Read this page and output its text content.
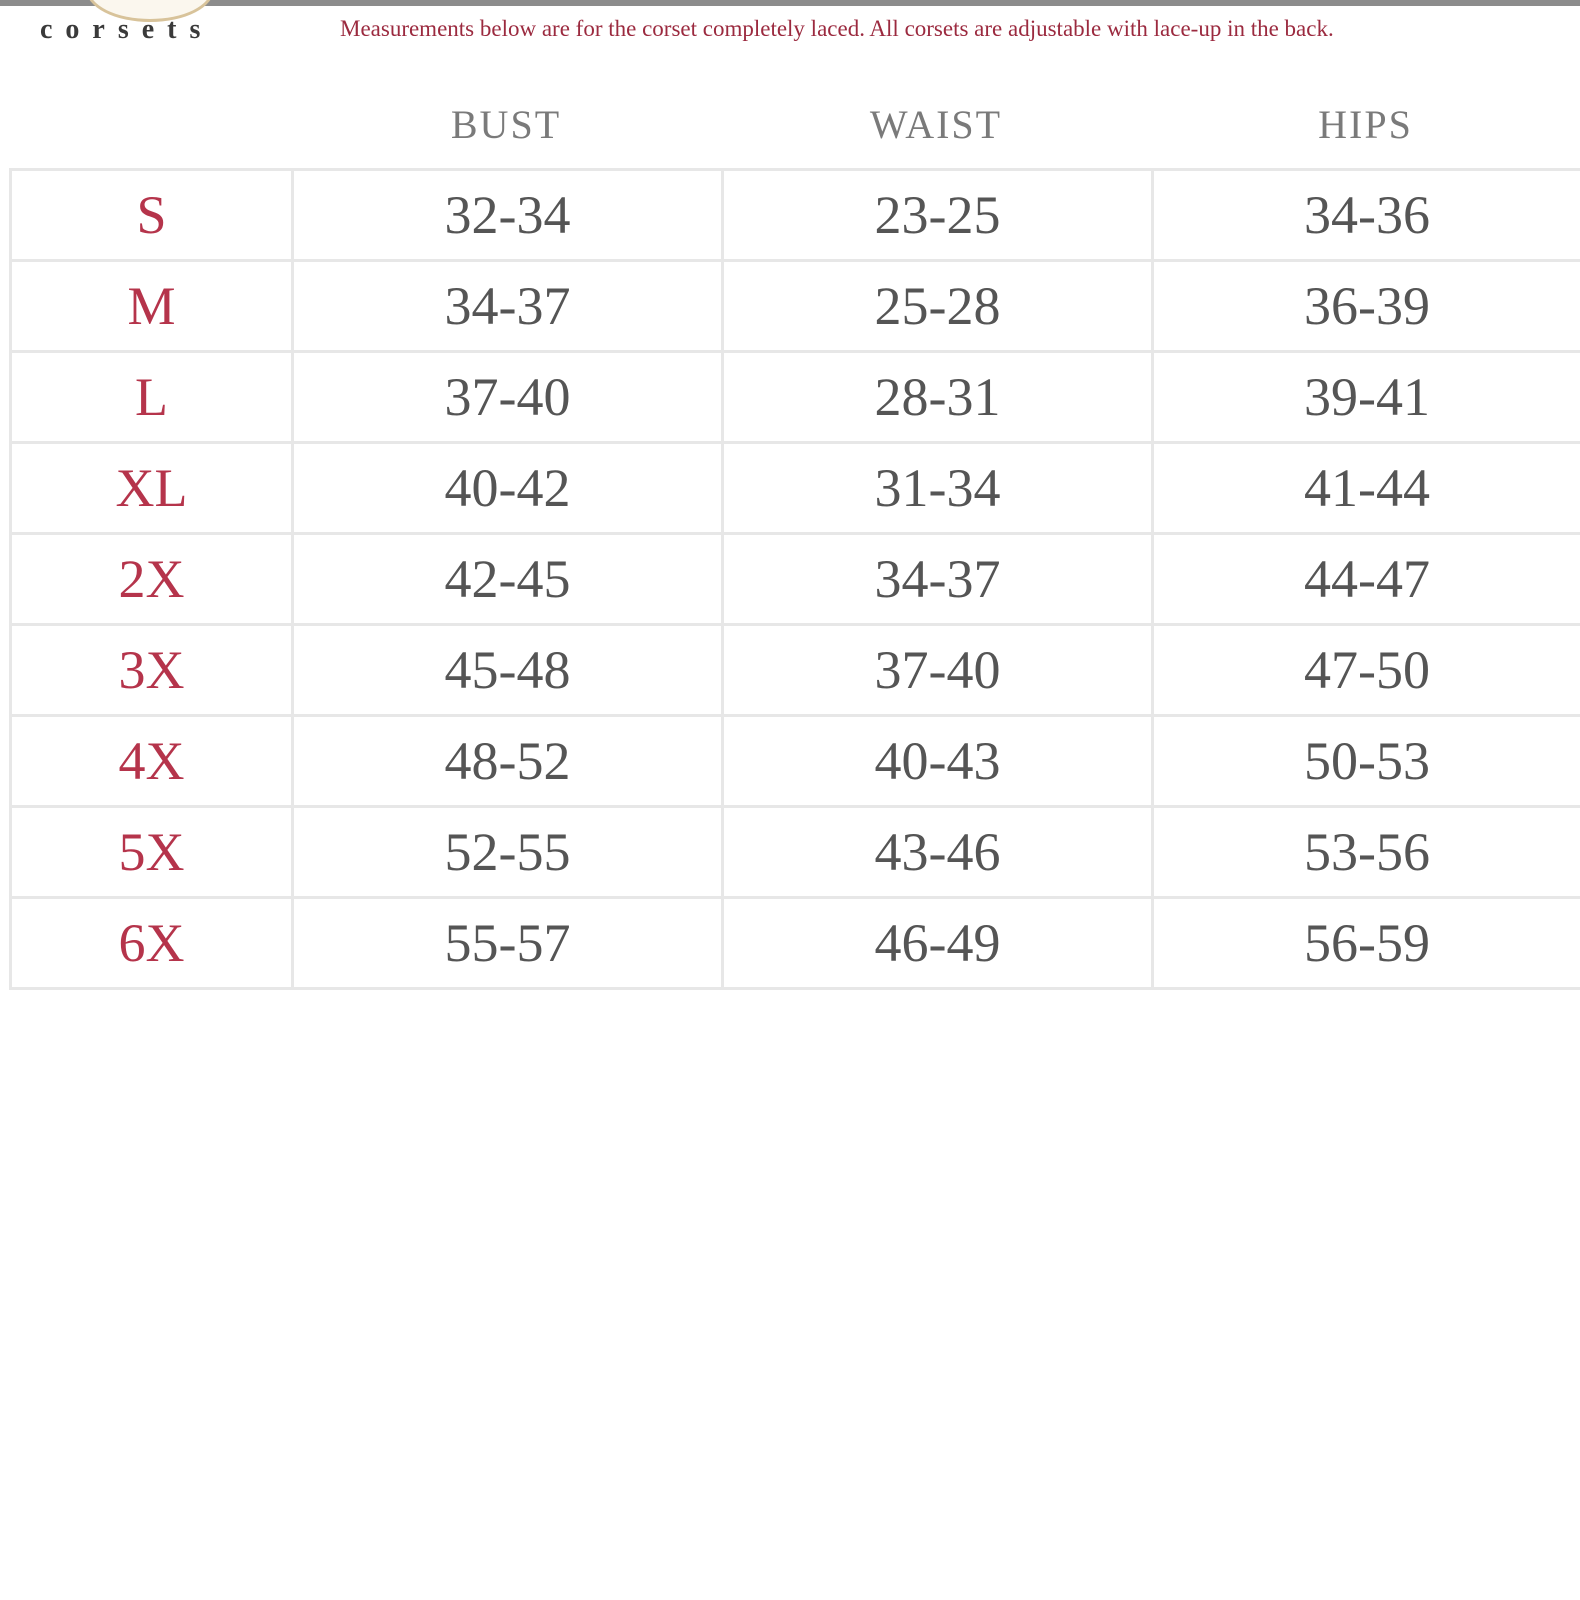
corsets	Measurements below are for the corset completely laced. All corsets are adjustable with lace-up in the back.
BUST	WAIST	HIPS
S	32-34	23-25	34-36
M	34-37	25-28	36-39
L	37-40	28-31	39-41
XL	40-42	31-34	41-44
2X	42-45	34-37	44-47
3X	45-48	37-40	47-50
4X	48-52	40-43	50-53
5X	52-55	43-46	53-56
6X	55-57	46-49	56-59
